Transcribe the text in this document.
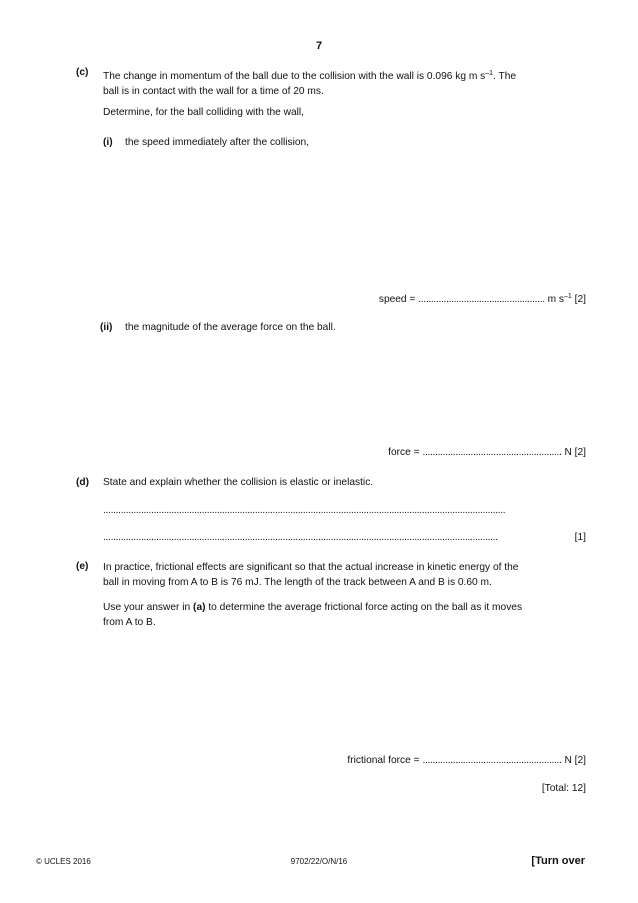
7
(c) The change in momentum of the ball due to the collision with the wall is 0.096 kg m $s^{-1}$. The
ball is in contact with the wall for a time of 20 ms.
Determine, for the ball colliding with the wall,
(i) the speed immediately after the collision,
speed = .................................................. m $s^{-1}$ [2]
(ii) the magnitude of the average force on the ball.
force = ....................................................... N [2]
(d) State and explain whether the collision is elastic or inelastic.
...............................................................................................................................................................
............................................................................................................................................................	[1]
(e) In practice, frictional effects are significant so that the actual increase in kinetic energy of the
ball in moving from A to B is 76 mJ. The length of the track between A and B is 0.60 m.
Use your answer in (a) to determine the average frictional force acting on the ball as it moves
from A to B.
frictional force = ....................................................... N [2]
[Total: 12]
© UCLES 2016	9702/22/O/N/16	[Turn over
